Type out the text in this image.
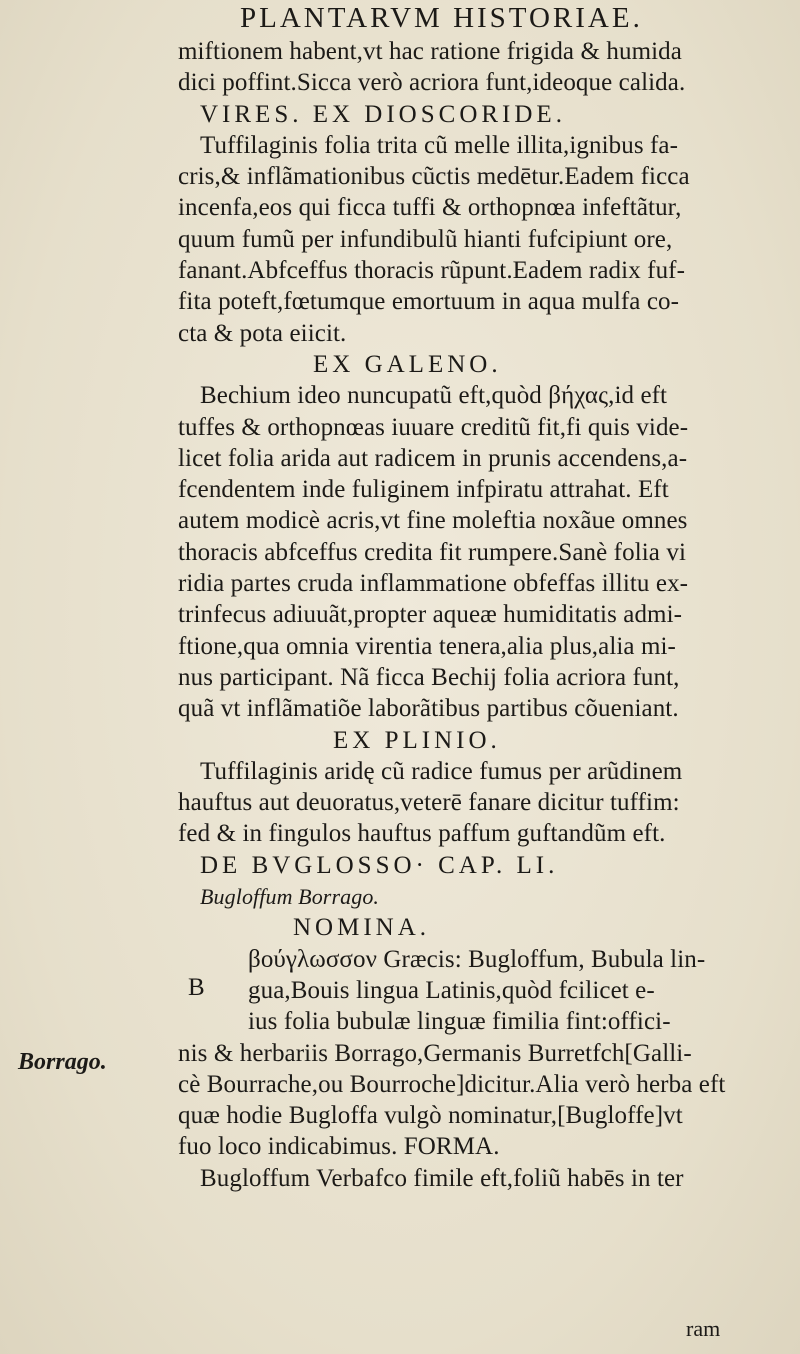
PLANTARVM HISTORIAE.
miftionem habent,vt hac ratione frigida & humida
dici poffint.Sicca verò acriora funt,ideoque calida.
VIRES. EX DIOSCORIDE.
Tuffilaginis folia trita cũ melle illita,ignibus fa-
cris,& inflãmationibus cũctis medētur.Eadem ficca
incenfa,eos qui ficca tuffi & orthopnœa infeftãtur,
quum fumũ per infundibulũ hianti fufcipiunt ore,
fanant.Abfceffus thoracis rũpunt.Eadem radix fuf-
fita poteft,fœtumque emortuum in aqua mulfa co-
cta & pota eiicit.
EX GALENO.
Bechium ideo nuncupatũ eft,quòd βήχας,id eft
tuffes & orthopnœas iuuare creditũ fit,fi quis vide-
licet folia arida aut radicem in prunis accendens,a-
fcendentem inde fuliginem infpiratu attrahat. Eft
autem modicè acris,vt fine moleftia noxãue omnes
thoracis abfceffus credita fit rumpere.Sanè folia vi
ridia partes cruda inflammatione obfeffas illitu ex-
trinfecus adiuuãt,propter aqueæ humiditatis admi-
ftione,qua omnia virentia tenera,alia plus,alia mi-
nus participant. Nã ficca Bechij folia acriora funt,
quã vt inflãmatiõe laborãtibus partibus cõueniant.
EX PLINIO.
Tuffilaginis aridę cũ radice fumus per arũdinem
hauftus aut deuoratus,veterē fanare dicitur tuffim:
fed & in fingulos hauftus paffum guftandũm eft.
DE BVGLOSSO· CAP. LI.
Bugloffum Borrago.
NOMINA.
βούγλωσσον Græcis: Bugloffum, Bubula lin-
gua,Bouis lingua Latinis,quòd fcilicet e-
ius folia bubulæ linguæ fimilia fint:offici-
nis & herbariis Borrago,Germanis Burretfch[Galli-
cè Bourrache,ou Bourroche]dicitur.Alia verò herba eft
quæ hodie Bugloffa vulgò nominatur,[Bugloffe]vt
fuo loco indicabimus. FORMA.
Bugloffum Verbafco fimile eft,foliũ habēs in ter
B
Borrago.
ram
